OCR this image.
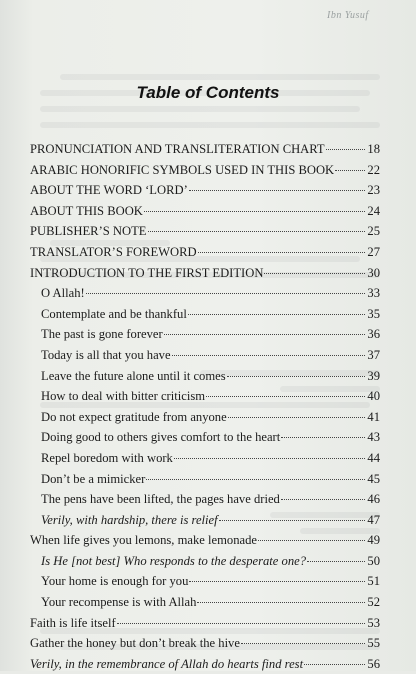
Ibn Yusuf
Table of Contents
PRONUNCIATION AND TRANSLITERATION CHART	18
ARABIC HONORIFIC SYMBOLS USED IN THIS BOOK	22
ABOUT THE WORD ‘LORD’	23
ABOUT THIS BOOK	24
PUBLISHER’S NOTE	25
TRANSLATOR’S FOREWORD	27
INTRODUCTION TO THE FIRST EDITION	30
O Allah!	33
Contemplate and be thankful	35
The past is gone forever	36
Today is all that you have	37
Leave the future alone until it comes	39
How to deal with bitter criticism	40
Do not expect gratitude from anyone	41
Doing good to others gives comfort to the heart	43
Repel boredom with work	44
Don’t be a mimicker	45
The pens have been lifted, the pages have dried	46
Verily, with hardship, there is relief	47
When life gives you lemons, make lemonade	49
Is He [not best] Who responds to the desperate one?	50
Your home is enough for you	51
Your recompense is with Allah	52
Faith is life itself	53
Gather the honey but don’t break the hive	55
Verily, in the remembrance of Allah do hearts find rest	56
